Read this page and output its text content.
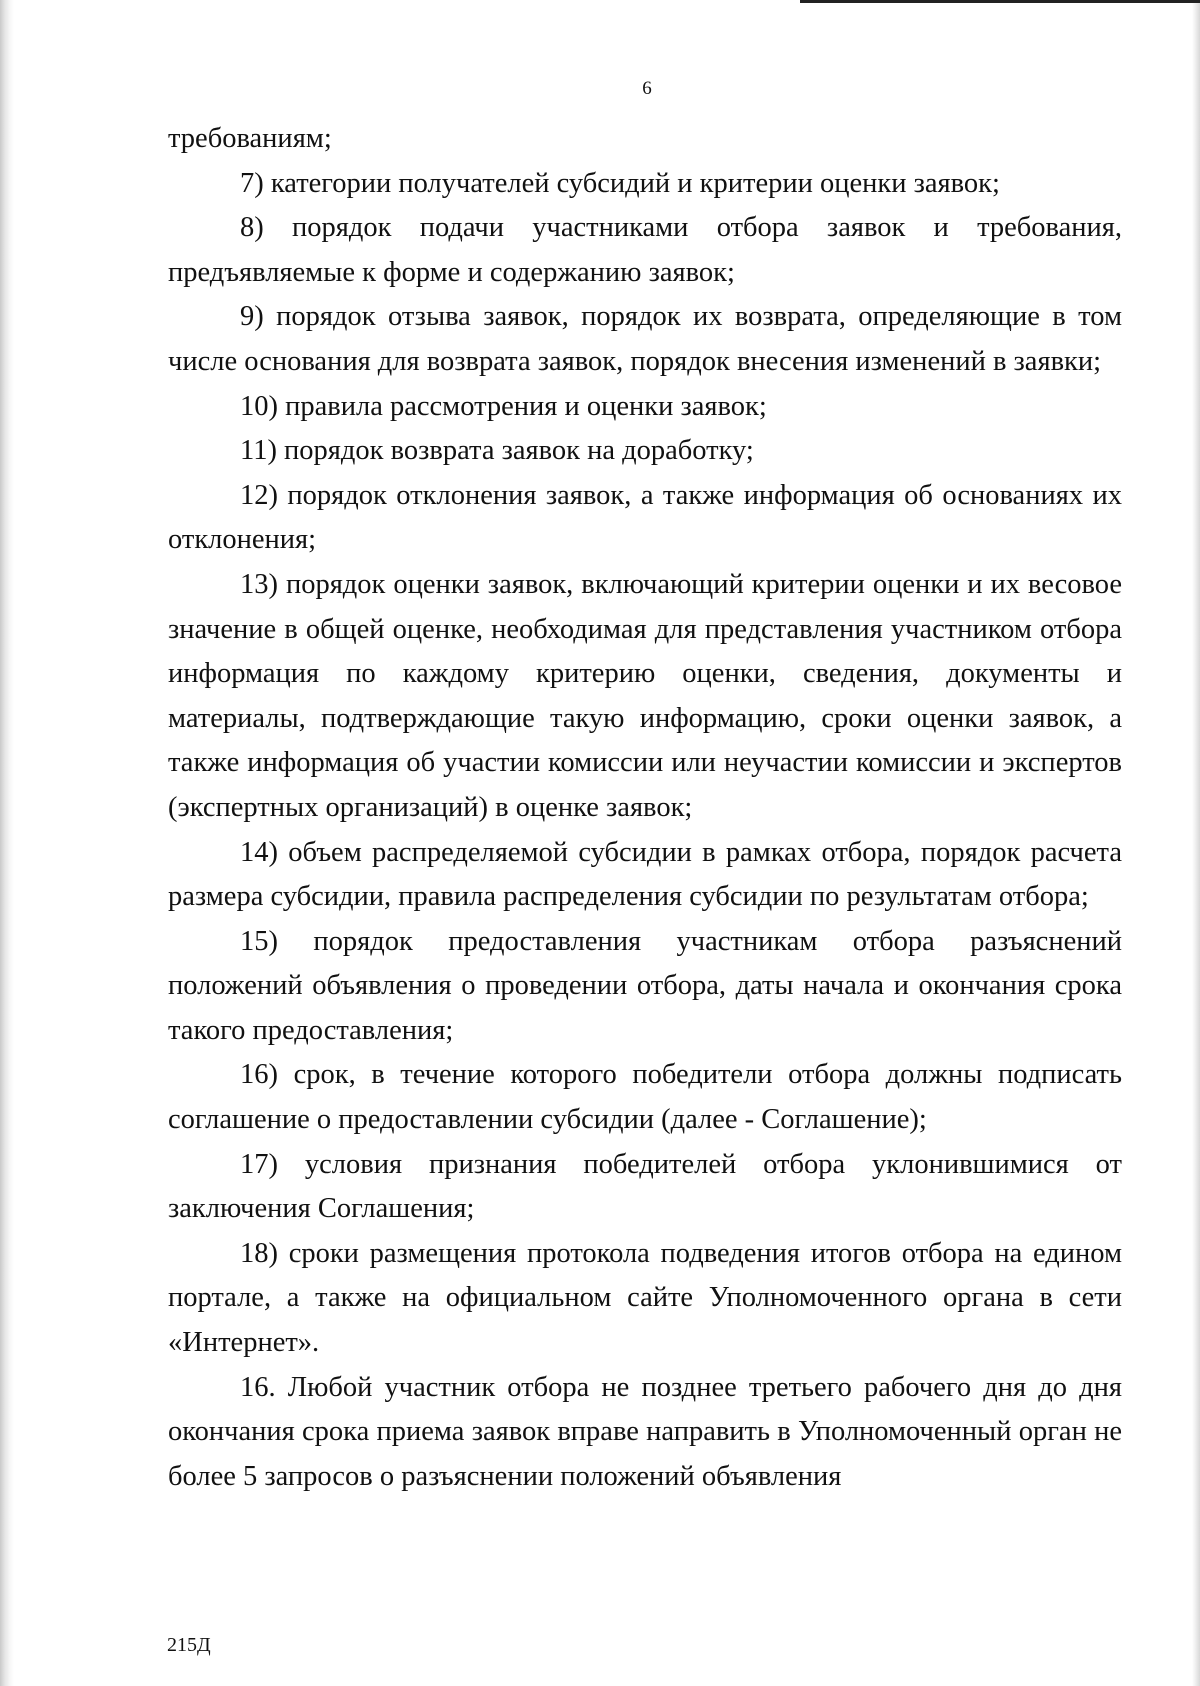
6

требованиям;

7) категории получателей субсидий и критерии оценки заявок;

8) порядок подачи участниками отбора заявок и требования, предъявляемые к форме и содержанию заявок;

9) порядок отзыва заявок, порядок их возврата, определяющие в том числе основания для возврата заявок, порядок внесения изменений в заявки;

10) правила рассмотрения и оценки заявок;

11) порядок возврата заявок на доработку;

12) порядок отклонения заявок, а также информация об основаниях их отклонения;

13) порядок оценки заявок, включающий критерии оценки и их весовое значение в общей оценке, необходимая для представления участником отбора информация по каждому критерию оценки, сведения, документы и материалы, подтверждающие такую информацию, сроки оценки заявок, а также информация об участии комиссии или неучастии комиссии и экспертов (экспертных организаций) в оценке заявок;

14) объем распределяемой субсидии в рамках отбора, порядок расчета размера субсидии, правила распределения субсидии по результатам отбора;

15) порядок предоставления участникам отбора разъяснений положений объявления о проведении отбора, даты начала и окончания срока такого предоставления;

16) срок, в течение которого победители отбора должны подписать соглашение о предоставлении субсидии (далее - Соглашение);

17) условия признания победителей отбора уклонившимися от заключения Соглашения;

18) сроки размещения протокола подведения итогов отбора на едином портале, а также на официальном сайте Уполномоченного органа в сети «Интернет».

16. Любой участник отбора не позднее третьего рабочего дня до дня окончания срока приема заявок вправе направить в Уполномоченный орган не более 5 запросов о разъяснении положений объявления

215Д
